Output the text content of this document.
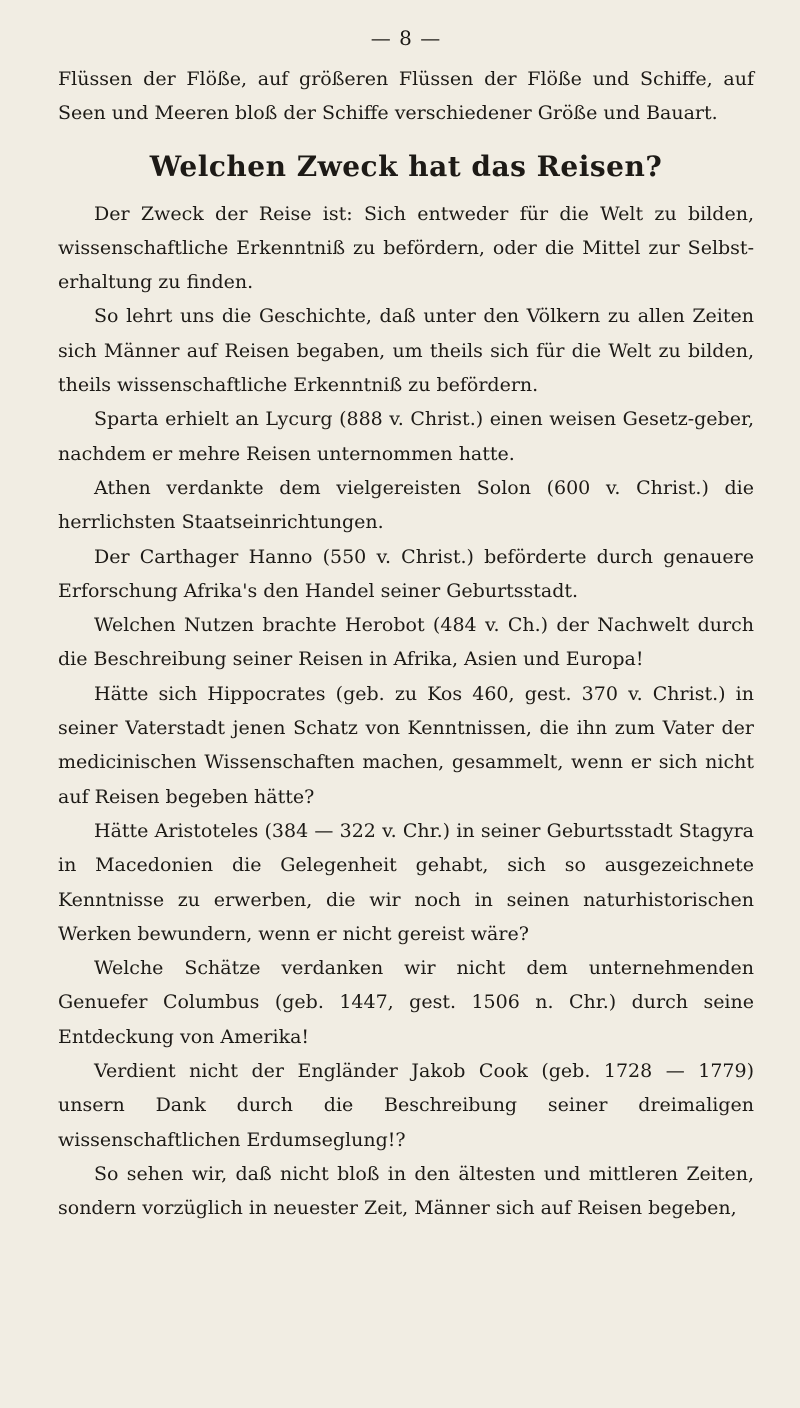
— 8 —

Flüssen der Flöße, auf größeren Flüssen der Flöße und Schiffe, auf Seen und Meeren bloß der Schiffe verschiedener Größe und Bauart.

Welchen Zweck hat das Reisen?

Der Zweck der Reise ist: Sich entweder für die Welt zu bilden, wissenschaftliche Erkenntniß zu befördern, oder die Mittel zur Selbst-erhaltung zu finden.

So lehrt uns die Geschichte, daß unter den Völkern zu allen Zeiten sich Männer auf Reisen begaben, um theils sich für die Welt zu bilden, theils wissenschaftliche Erkenntniß zu befördern.

Sparta erhielt an Lycurg (888 v. Christ.) einen weisen Gesetz-geber, nachdem er mehre Reisen unternommen hatte.

Athen verdankte dem vielgereisten Solon (600 v. Christ.) die herrlichsten Staatseinrichtungen.

Der Carthager Hanno (550 v. Christ.) beförderte durch genauere Erforschung Afrika's den Handel seiner Geburtsstadt.

Welchen Nutzen brachte Herobot (484 v. Ch.) der Nachwelt durch die Beschreibung seiner Reisen in Afrika, Asien und Europa!

Hätte sich Hippocrates (geb. zu Kos 460, gest. 370 v. Christ.) in seiner Vaterstadt jenen Schatz von Kenntnissen, die ihn zum Vater der medicinischen Wissenschaften machen, gesammelt, wenn er sich nicht auf Reisen begeben hätte?

Hätte Aristoteles (384 — 322 v. Chr.) in seiner Geburtsstadt Stagyra in Macedonien die Gelegenheit gehabt, sich so ausgezeichnete Kenntnisse zu erwerben, die wir noch in seinen naturhistorischen Werken bewundern, wenn er nicht gereist wäre?

Welche Schätze verdanken wir nicht dem unternehmenden Genuefer Columbus (geb. 1447, gest. 1506 n. Chr.) durch seine Entdeckung von Amerika!

Verdient nicht der Engländer Jakob Cook (geb. 1728 — 1779) unsern Dank durch die Beschreibung seiner dreimaligen wissenschaftlichen Erdumseglung!?

So sehen wir, daß nicht bloß in den ältesten und mittleren Zeiten, sondern vorzüglich in neuester Zeit, Männer sich auf Reisen begeben,
